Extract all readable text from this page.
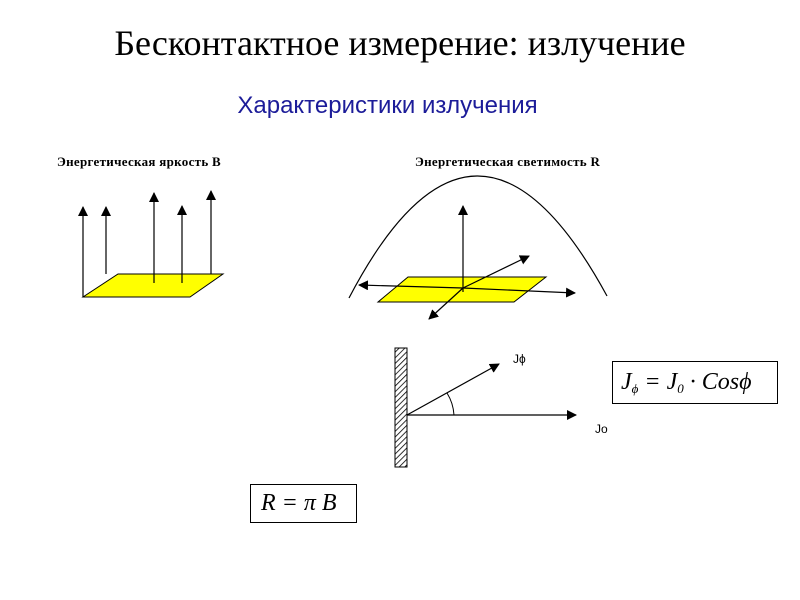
Бесконтактное измерение: излучение
Характеристики излучения
Энергетическая яркость B	Энергетическая светимость R
Jϕ
Jo
$J_\phi = J_0 \cdot Cos\phi$
R = π B
